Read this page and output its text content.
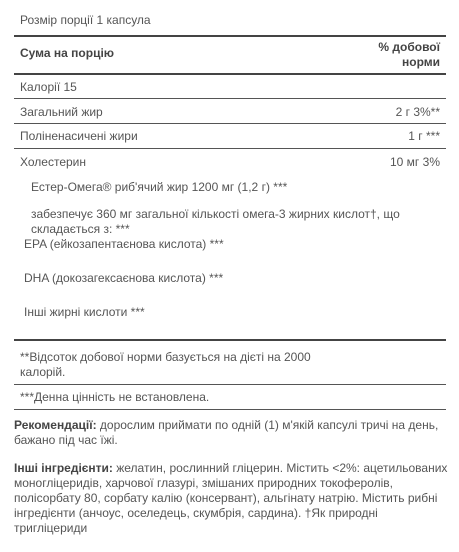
Розмір порції 1 капсула
Сума на порцію	% добової
норми
Калорії 15
Загальний жир	2 г 3%**
Поліненасичені жири	1 г ***
Холестерин	10 мг 3%
Естер-Омега® риб'ячий жир 1200 мг (1,2 г) ***
забезпечує 360 мг загальної кількості омега-3 жирних кислот†, що
складається з: ***
EPA (ейкозапентаєнова кислота) ***
DHA (докозагексаєнова кислота) ***
Інші жирні кислоти ***
**Відсоток добової норми базується на дієті на 2000
калорій.
***Денна цінність не встановлена.
Рекомендації: дорослим приймати по одній (1) м'якій капсулі тричі на день,
бажано під час їжі.
Інші інгредієнти: желатин, рослинний гліцерин. Містить <2%: ацетильованих
моногліцеридів, харчової глазурі, змішаних природних токоферолів,
полісорбату 80, сорбату калію (консервант), альгінату натрію. Містить рибні
інгредієнти (анчоус, оселедець, скумбрія, сардина). †Як природні
тригліцериди
